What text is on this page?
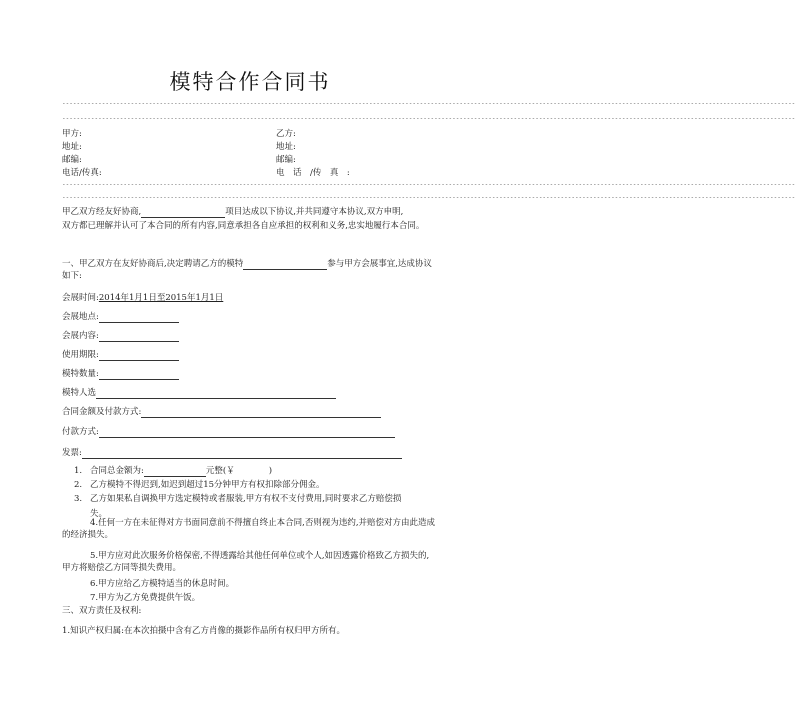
模特合作合同书
-----------------------------------------------------------------------------------------------------------------------------------------------------------------------------------------------------------
-----------------------------------------------------------------------------------------------------------------------------------------------------------------------------------------------------------
甲方:	乙方:
地址:	地址:
邮编:	邮编:
电话/传真:	电　话　/传　真　:
-----------------------------------------------------------------------------------------------------------------------------------------------------------------------------------------------------------
-----------------------------------------------------------------------------------------------------------------------------------------------------------------------------------------------------------
甲乙双方经友好协商,	项目达成以下协议,并共同遵守本协议,双方申明,
双方都已理解并认可了本合同的所有内容,同意承担各自应承担的权利和义务,忠实地履行本合同。
一、甲乙双方在友好协商后,决定聘请乙方的模特	参与甲方会展事宜,达成协议如下:
会展时间:2014年1月1日至2015年1月1日
会展地点:
会展内容:
使用期限:
模特数量:
模特人选
合同金额及付款方式:
付款方式:
发票:
1. 合同总金额为:	元整(￥	)
2. 乙方模特不得迟到,如迟到超过15分钟甲方有权扣除部分佣金。
3. 乙方如果私自调换甲方选定模特或者服装,甲方有权不支付费用,同时要求乙方赔偿损
失。
4.任何一方在未征得对方书面同意前不得擅自终止本合同,否则视为违约,并赔偿对方由此造成的经济损失。
5.甲方应对此次服务价格保密,不得透露给其他任何单位或个人,如因透露价格致乙方损失的,甲方将赔偿乙方同等损失费用。
6.甲方应给乙方模特适当的休息时间。
7.甲方为乙方免费提供午饭。
三、双方责任及权利:
1.知识产权归属:在本次拍摄中含有乙方肖像的摄影作品所有权归甲方所有。
